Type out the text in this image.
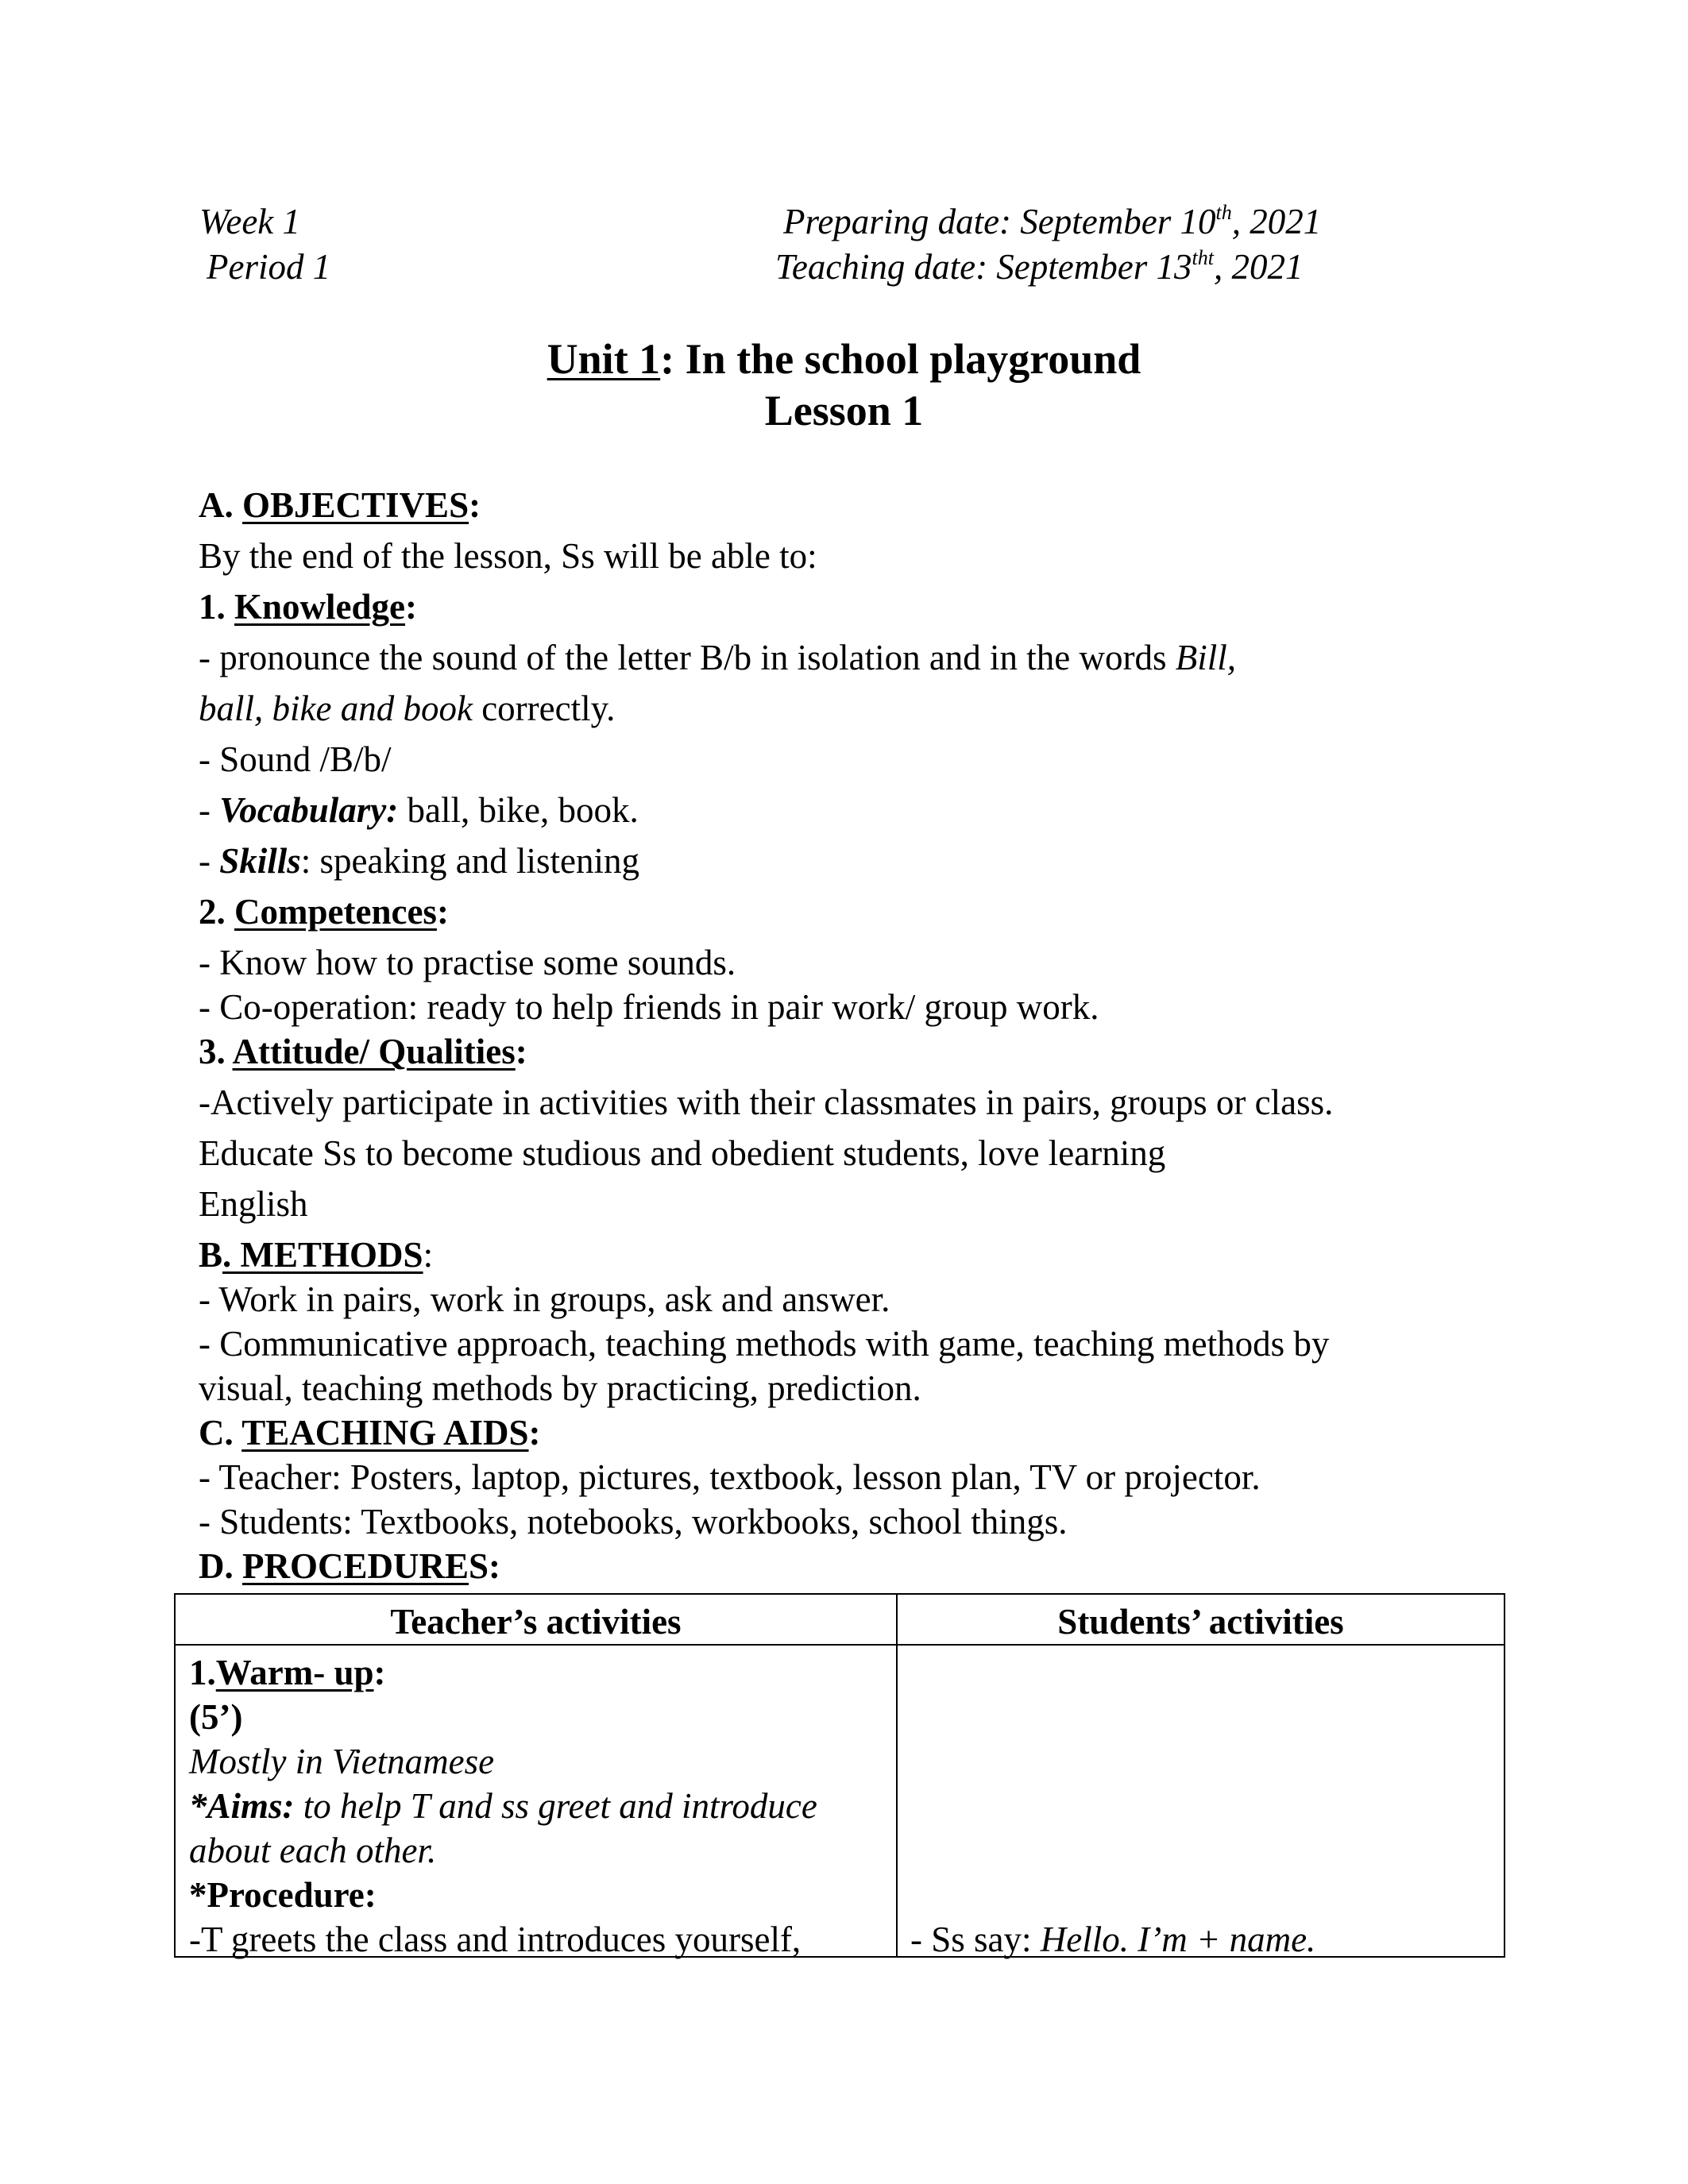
Week 1
Period 1
Preparing date: September 10th, 2021
Teaching date: September $13^{tht}$, 2021
Unit 1: In the school playground
Lesson 1
A. OBJECTIVES:
By the end of the lesson, Ss will be able to:
1. Knowledge:
- pronounce the sound of the letter B/b in isolation and in the words Bill,
ball, bike and book correctly.
- Sound /B/b/
- Vocabulary: ball, bike, book.
- Skills: speaking and listening
2. Competences:
- Know how to practise some sounds.
- Co-operation: ready to help friends in pair work/ group work.
3. Attitude/ Qualities:
-Actively participate in activities with their classmates in pairs, groups or class.
Educate Ss to become studious and obedient students, love learning
English
B. METHODS:
- Work in pairs, work in groups, ask and answer.
- Communicative approach, teaching methods with game, teaching methods by
visual, teaching methods by practicing, prediction.
C. TEACHING AIDS:
- Teacher: Posters, laptop, pictures, textbook, lesson plan, TV or projector.
- Students: Textbooks, notebooks, workbooks, school things.
D. PROCEDURES:
Teacher’s activities	Students’ activities
1.Warm- up:
(5’)
Mostly in Vietnamese
*Aims: to help T and ss greet and introduce
about each other.
*Procedure:
-T greets the class and introduces yourself,	- Ss say: Hello. I’m + name.
